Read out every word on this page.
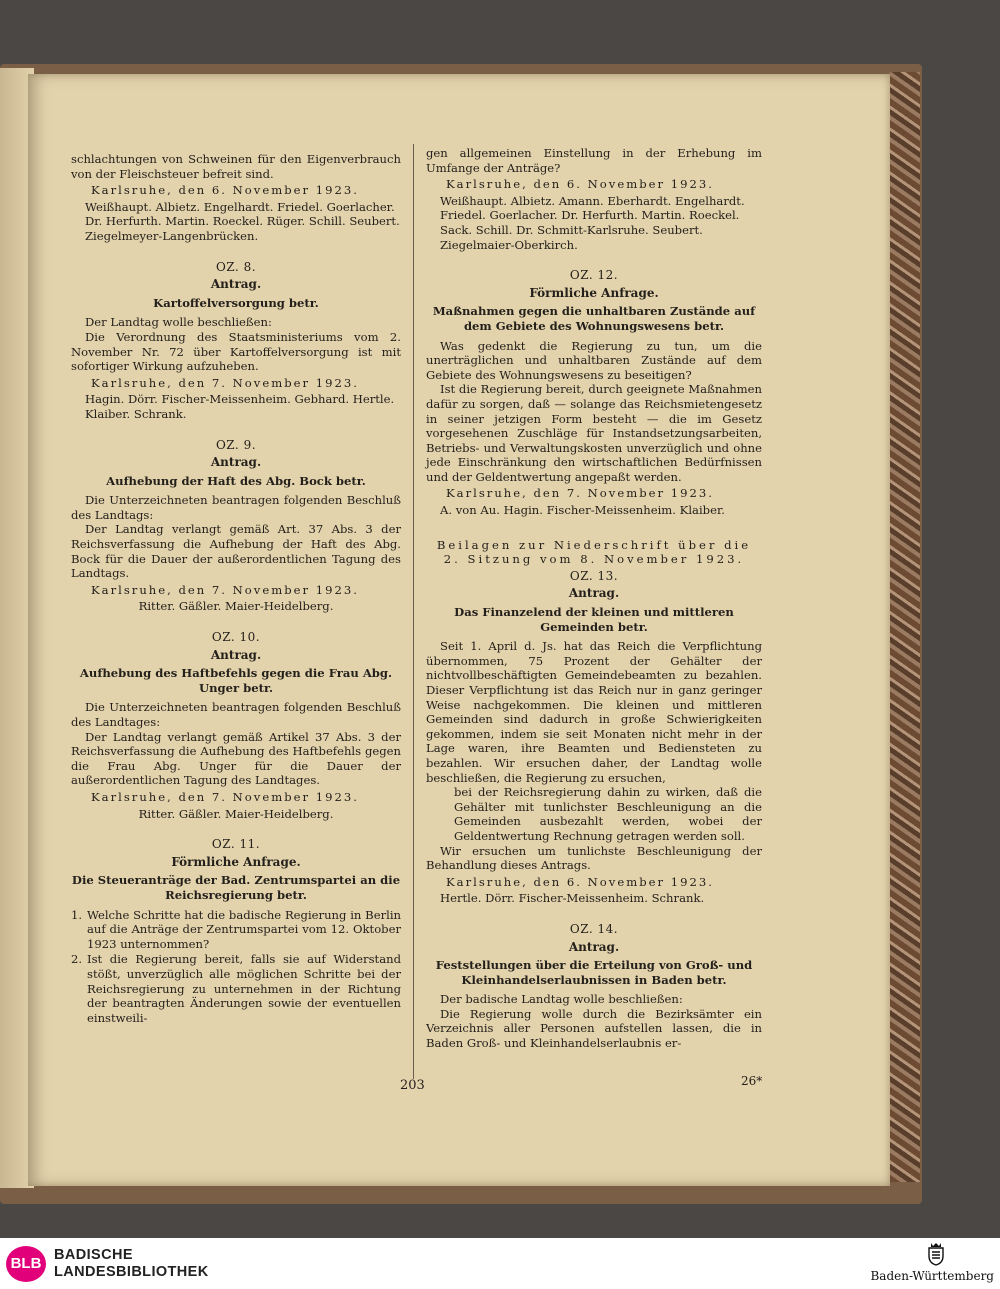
schlachtungen von Schweinen für den Eigenverbrauch von der Fleischsteuer befreit sind.

Karlsruhe, den 6. November 1923.

Weißhaupt. Albietz. Engelhardt. Friedel. Goerlacher. Dr. Herfurth. Martin. Roeckel. Rüger. Schill. Seubert. Ziegelmeyer-Langenbrücken.

OZ. 8.

Antrag.

Kartoffelversorgung betr.

Der Landtag wolle beschließen:

Die Verordnung des Staatsministeriums vom 2. November Nr. 72 über Kartoffelversorgung ist mit sofortiger Wirkung aufzuheben.

Karlsruhe, den 7. November 1923.

Hagin. Dörr. Fischer-Meissenheim. Gebhard. Hertle. Klaiber. Schrank.

OZ. 9.

Antrag.

Aufhebung der Haft des Abg. Bock betr.

Die Unterzeichneten beantragen folgenden Beschluß des Landtags:

Der Landtag verlangt gemäß Art. 37 Abs. 3 der Reichsverfassung die Aufhebung der Haft des Abg. Bock für die Dauer der außerordentlichen Tagung des Landtags.

Karlsruhe, den 7. November 1923.

Ritter. Gäßler. Maier-Heidelberg.

OZ. 10.

Antrag.

Aufhebung des Haftbefehls gegen die Frau Abg. Unger betr.

Die Unterzeichneten beantragen folgenden Beschluß des Landtages:

Der Landtag verlangt gemäß Artikel 37 Abs. 3 der Reichsverfassung die Aufhebung des Haftbefehls gegen die Frau Abg. Unger für die Dauer der außerordentlichen Tagung des Landtages.

Karlsruhe, den 7. November 1923.

Ritter. Gäßler. Maier-Heidelberg.

OZ. 11.

Förmliche Anfrage.

Die Steueranträge der Bad. Zentrumspartei an die Reichsregierung betr.

1. Welche Schritte hat die badische Regierung in Berlin auf die Anträge der Zentrumspartei vom 12. Oktober 1923 unternommen?
2. Ist die Regierung bereit, falls sie auf Widerstand stößt, unverzüglich alle möglichen Schritte bei der Reichsregierung zu unternehmen in der Richtung der beantragten Änderungen sowie der eventuellen einstweili-

gen allgemeinen Einstellung in der Erhebung im Umfange der Anträge?

Karlsruhe, den 6. November 1923.

Weißhaupt. Albietz. Amann. Eberhardt. Engelhardt. Friedel. Goerlacher. Dr. Herfurth. Martin. Roeckel. Sack. Schill. Dr. Schmitt-Karlsruhe. Seubert. Ziegelmaier-Oberkirch.

OZ. 12.

Förmliche Anfrage.

Maßnahmen gegen die unhaltbaren Zustände auf dem Gebiete des Wohnungswesens betr.

Was gedenkt die Regierung zu tun, um die unerträglichen und unhaltbaren Zustände auf dem Gebiete des Wohnungswesens zu beseitigen?

Ist die Regierung bereit, durch geeignete Maßnahmen dafür zu sorgen, daß — solange das Reichsmietengesetz in seiner jetzigen Form besteht — die im Gesetz vorgesehenen Zuschläge für Instandsetzungsarbeiten, Betriebs- und Verwaltungskosten unverzüglich und ohne jede Einschränkung den wirtschaftlichen Bedürfnissen und der Geldentwertung angepaßt werden.

Karlsruhe, den 7. November 1923.

A. von Au. Hagin. Fischer-Meissenheim. Klaiber.

Beilagen zur Niederschrift über die 2. Sitzung vom 8. November 1923.

OZ. 13.

Antrag.

Das Finanzelend der kleinen und mittleren Gemeinden betr.

Seit 1. April d. Js. hat das Reich die Verpflichtung übernommen, 75 Prozent der Gehälter der nichtvollbeschäftigten Gemeindebeamten zu bezahlen. Dieser Verpflichtung ist das Reich nur in ganz geringer Weise nachgekommen. Die kleinen und mittleren Gemeinden sind dadurch in große Schwierigkeiten gekommen, indem sie seit Monaten nicht mehr in der Lage waren, ihre Beamten und Bediensteten zu bezahlen. Wir ersuchen daher, der Landtag wolle beschließen, die Regierung zu ersuchen,

bei der Reichsregierung dahin zu wirken, daß die Gehälter mit tunlichster Beschleunigung an die Gemeinden ausbezahlt werden, wobei der Geldentwertung Rechnung getragen werden soll.

Wir ersuchen um tunlichste Beschleunigung der Behandlung dieses Antrags.

Karlsruhe, den 6. November 1923.

Hertle. Dörr. Fischer-Meissenheim. Schrank.

OZ. 14.

Antrag.

Feststellungen über die Erteilung von Groß- und Kleinhandelserlaubnissen in Baden betr.

Der badische Landtag wolle beschließen:

Die Regierung wolle durch die Bezirksämter ein Verzeichnis aller Personen aufstellen lassen, die in Baden Groß- und Kleinhandelserlaubnis er-

203	26*
BLB BADISCHE
LANDESBIBLIOTHEK	Baden-Württemberg
